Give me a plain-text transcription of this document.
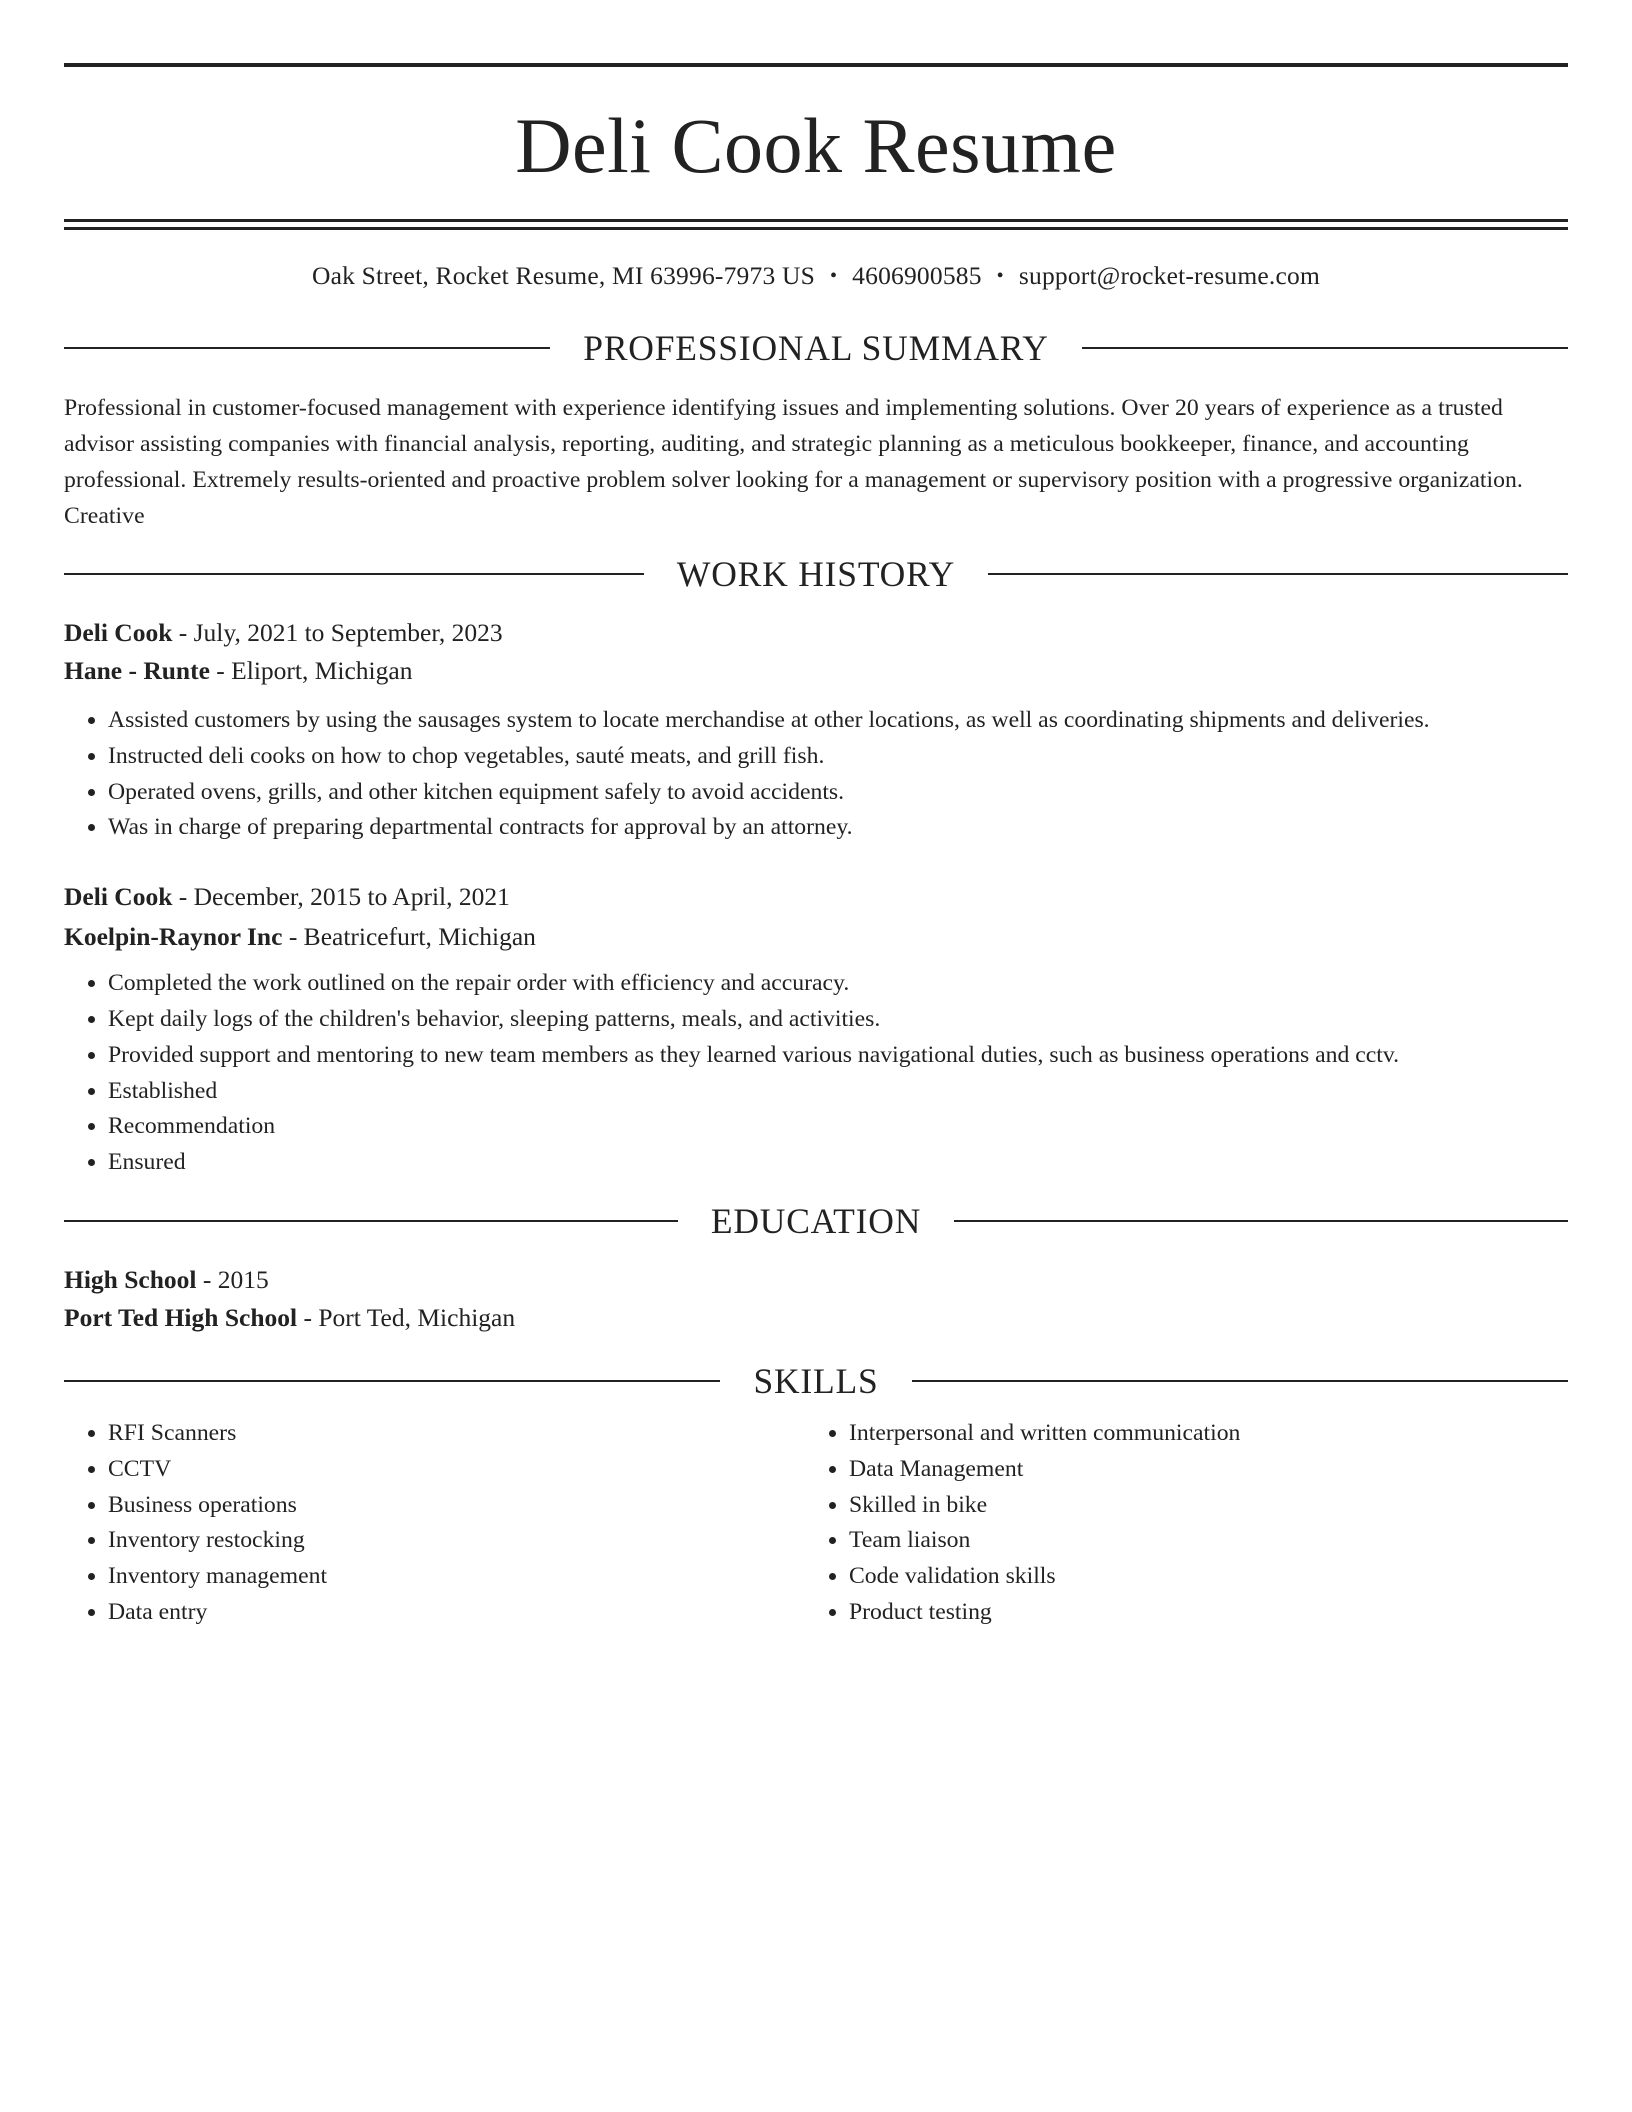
Deli Cook Resume
Oak Street, Rocket Resume, MI 63996-7973 US • 4606900585 • support@rocket-resume.com
PROFESSIONAL SUMMARY
Professional in customer-focused management with experience identifying issues and implementing solutions. Over 20 years of experience as a trusted advisor assisting companies with financial analysis, reporting, auditing, and strategic planning as a meticulous bookkeeper, finance, and accounting professional. Extremely results-oriented and proactive problem solver looking for a management or supervisory position with a progressive organization. Creative
WORK HISTORY
Deli Cook - July, 2021 to September, 2023
Hane - Runte - Eliport, Michigan
• Assisted customers by using the sausages system to locate merchandise at other locations, as well as coordinating shipments and deliveries.
• Instructed deli cooks on how to chop vegetables, sauté meats, and grill fish.
• Operated ovens, grills, and other kitchen equipment safely to avoid accidents.
• Was in charge of preparing departmental contracts for approval by an attorney.
Deli Cook - December, 2015 to April, 2021
Koelpin-Raynor Inc - Beatricefurt, Michigan
• Completed the work outlined on the repair order with efficiency and accuracy.
• Kept daily logs of the children's behavior, sleeping patterns, meals, and activities.
• Provided support and mentoring to new team members as they learned various navigational duties, such as business operations and cctv.
• Established
• Recommendation
• Ensured
EDUCATION
High School - 2015
Port Ted High School - Port Ted, Michigan
SKILLS
• RFI Scanners
• CCTV
• Business operations
• Inventory restocking
• Inventory management
• Data entry
• Interpersonal and written communication
• Data Management
• Skilled in bike
• Team liaison
• Code validation skills
• Product testing
